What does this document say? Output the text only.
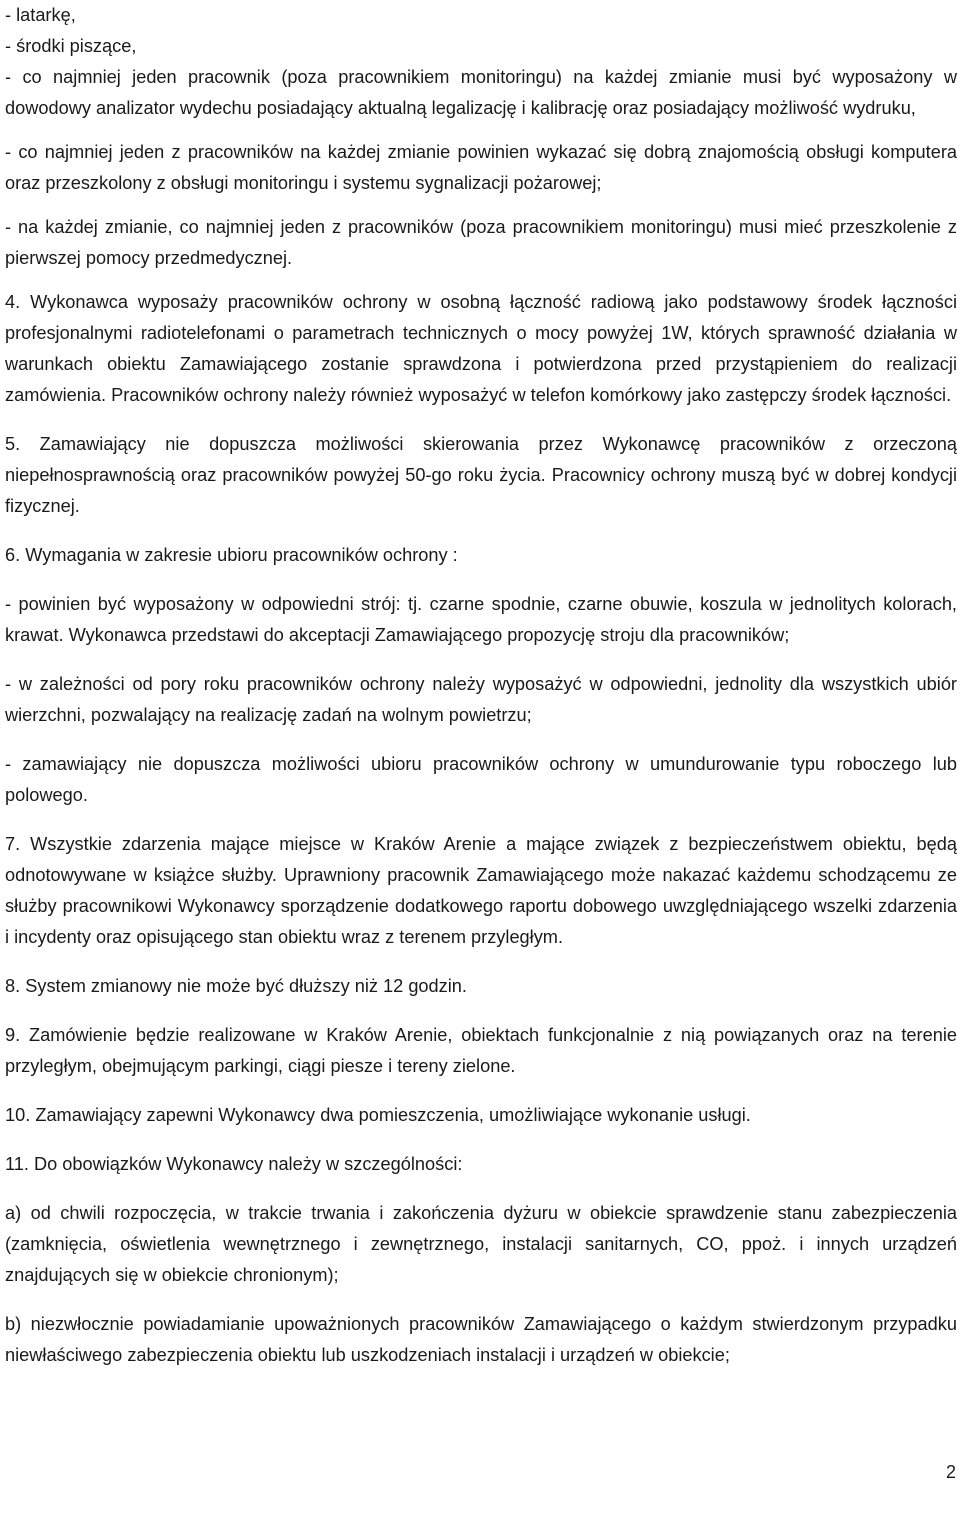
- latarkę,

- środki piszące,

- co najmniej jeden pracownik (poza pracownikiem monitoringu) na każdej zmianie musi być wyposażony w dowodowy analizator wydechu posiadający aktualną legalizację i kalibrację oraz posiadający możliwość wydruku,

- co najmniej jeden z pracowników na każdej zmianie powinien wykazać się dobrą znajomością obsługi komputera oraz przeszkolony z obsługi monitoringu i systemu sygnalizacji pożarowej;

- na każdej zmianie, co najmniej jeden z pracowników (poza pracownikiem monitoringu) musi mieć przeszkolenie z pierwszej pomocy przedmedycznej.

4. Wykonawca wyposaży pracowników ochrony w osobną łączność radiową jako podstawowy środek łączności profesjonalnymi radiotelefonami o parametrach technicznych o mocy powyżej 1W, których sprawność działania w warunkach obiektu Zamawiającego zostanie sprawdzona i potwierdzona przed przystąpieniem do realizacji zamówienia. Pracowników ochrony należy również wyposażyć w telefon komórkowy jako zastępczy środek łączności.

5. Zamawiający nie dopuszcza możliwości skierowania przez Wykonawcę pracowników z orzeczoną niepełnosprawnością oraz pracowników powyżej 50-go roku życia. Pracownicy ochrony muszą być w dobrej kondycji fizycznej.

6. Wymagania w zakresie ubioru pracowników ochrony :

- powinien być wyposażony w odpowiedni strój: tj. czarne spodnie, czarne obuwie, koszula w jednolitych kolorach, krawat. Wykonawca przedstawi do akceptacji Zamawiającego propozycję stroju dla pracowników;

- w zależności od pory roku pracowników ochrony należy wyposażyć w odpowiedni, jednolity dla wszystkich ubiór wierzchni, pozwalający na realizację zadań na wolnym powietrzu;

- zamawiający nie dopuszcza możliwości ubioru pracowników ochrony w umundurowanie typu roboczego lub polowego.

7. Wszystkie zdarzenia mające miejsce w Kraków Arenie a mające związek z bezpieczeństwem obiektu, będą odnotowywane w książce służby. Uprawniony pracownik Zamawiającego może nakazać każdemu schodzącemu ze służby pracownikowi Wykonawcy sporządzenie dodatkowego raportu dobowego uwzględniającego wszelki zdarzenia i incydenty oraz opisującego stan obiektu wraz z terenem przyległym.

8. System zmianowy nie może być dłuższy niż 12 godzin.

9. Zamówienie będzie realizowane w Kraków Arenie, obiektach funkcjonalnie z nią powiązanych oraz na terenie przyległym, obejmującym parkingi, ciągi piesze i tereny zielone.

10. Zamawiający zapewni Wykonawcy dwa pomieszczenia, umożliwiające wykonanie usługi.

11. Do obowiązków Wykonawcy należy w szczególności:

a) od chwili rozpoczęcia, w trakcie trwania i zakończenia dyżuru w obiekcie sprawdzenie stanu zabezpieczenia (zamknięcia, oświetlenia wewnętrznego i zewnętrznego, instalacji sanitarnych, CO, ppoż. i innych urządzeń znajdujących się w obiekcie chronionym);

b) niezwłocznie powiadamianie upoważnionych pracowników Zamawiającego o każdym stwierdzonym przypadku niewłaściwego zabezpieczenia obiektu lub uszkodzeniach instalacji i urządzeń w obiekcie;

2
